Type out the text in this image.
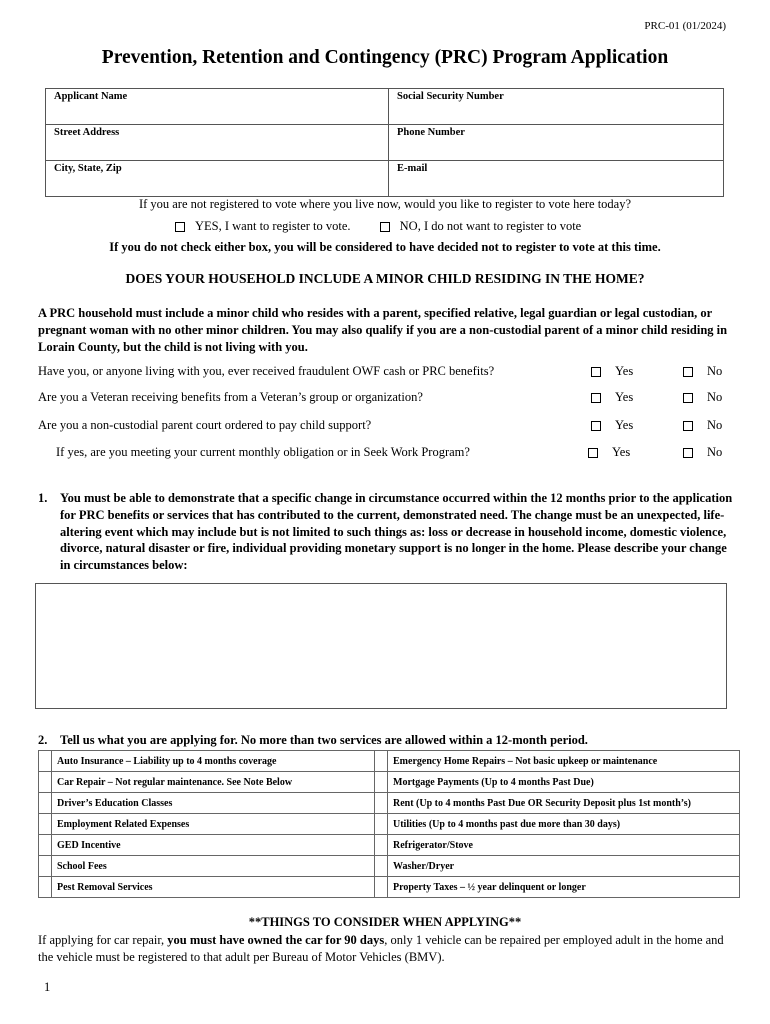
PRC-01 (01/2024)
Prevention, Retention and Contingency (PRC) Program Application
Applicant Name	Social Security Number
Street Address	Phone Number
City, State, Zip	E-mail
If you are not registered to vote where you live now, would you like to register to vote here today?
YES, I want to register to vote.
	NO, I do not want to register to vote
If you do not check either box, you will be considered to have decided not to register to vote at this time.
DOES YOUR HOUSEHOLD INCLUDE A MINOR CHILD RESIDING IN THE HOME?
A PRC household must include a minor child who resides with a parent, specified relative, legal guardian or legal custodian, or pregnant woman with no other minor children. You may also qualify if you are a non-custodial parent of a minor child residing in Lorain County, but the child is not living with you.
Have you, or anyone living with you, ever received fraudulent OWF cash or PRC benefits?	Yes	No
Are you a Veteran receiving benefits from a Veteran’s group or organization?	Yes	No
Are you a non-custodial parent court ordered to pay child support?	Yes	No
If yes, are you meeting your current monthly obligation or in Seek Work Program?	Yes	No
1.	You must be able to demonstrate that a specific change in circumstance occurred within the 12 months prior to the application for PRC benefits or services that has contributed to the current, demonstrated need. The change must be an unexpected, life-altering event which may include but is not limited to such things as: loss or decrease in household income, domestic violence, divorce, natural disaster or fire, individual providing monetary support is no longer in the home. Please describe your change in circumstances below:
2.	Tell us what you are applying for. No more than two services are allowed within a 12-month period.
	Auto Insurance – Liability up to 4 months coverage		Emergency Home Repairs – Not basic upkeep or maintenance
	Car Repair – Not regular maintenance. See Note Below		Mortgage Payments (Up to 4 months Past Due)
	Driver’s Education Classes		Rent (Up to 4 months Past Due OR Security Deposit plus 1st month’s)
	Employment Related Expenses		Utilities (Up to 4 months past due more than 30 days)
	GED Incentive		Refrigerator/Stove
	School Fees		Washer/Dryer
	Pest Removal Services		Property Taxes – ½ year delinquent or longer
**THINGS TO CONSIDER WHEN APPLYING**
If applying for car repair, you must have owned the car for 90 days, only 1 vehicle can be repaired per employed adult in the home and the vehicle must be registered to that adult per Bureau of Motor Vehicles (BMV).
1
